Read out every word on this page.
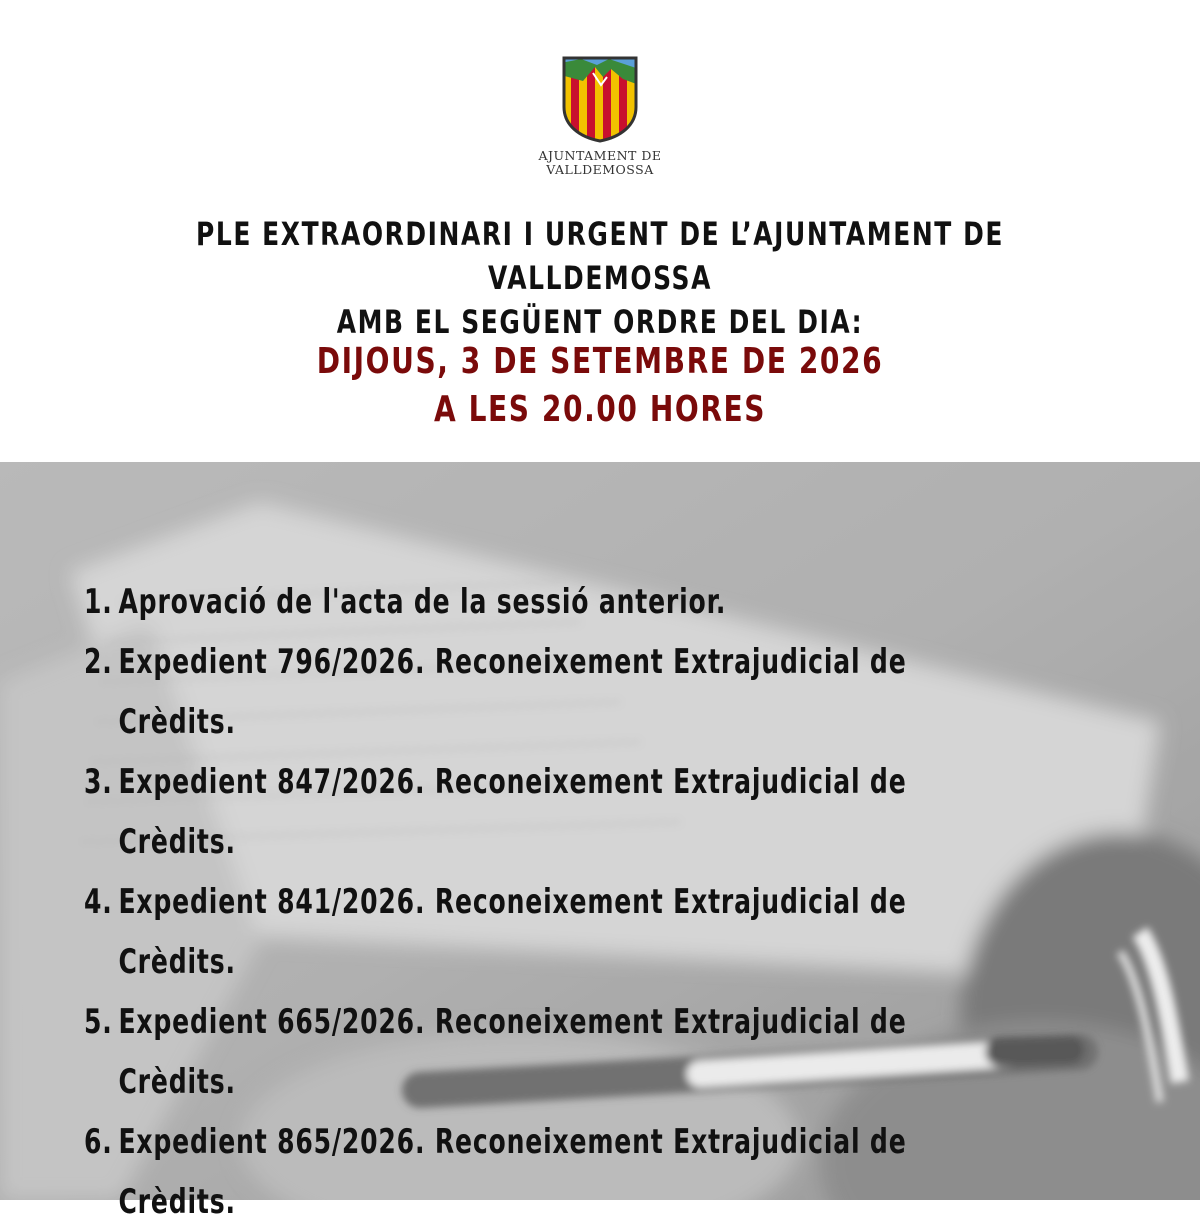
AJUNTAMENT DE
VALLDEMOSSA
PLE EXTRAORDINARI I URGENT DE L’AJUNTAMENT DE VALLDEMOSSA
AMB EL SEGÜENT ORDRE DEL DIA:
DIJOUS, 3 DE SETEMBRE DE 2026
A LES 20.00 HORES
1. Aprovació de l'acta de la sessió anterior.
2. Expedient 796/2026. Reconeixement Extrajudicial de
Crèdits.
3. Expedient 847/2026. Reconeixement Extrajudicial de
Crèdits.
4. Expedient 841/2026. Reconeixement Extrajudicial de
Crèdits.
5. Expedient 665/2026. Reconeixement Extrajudicial de
Crèdits.
6. Expedient 865/2026. Reconeixement Extrajudicial de
Crèdits.
